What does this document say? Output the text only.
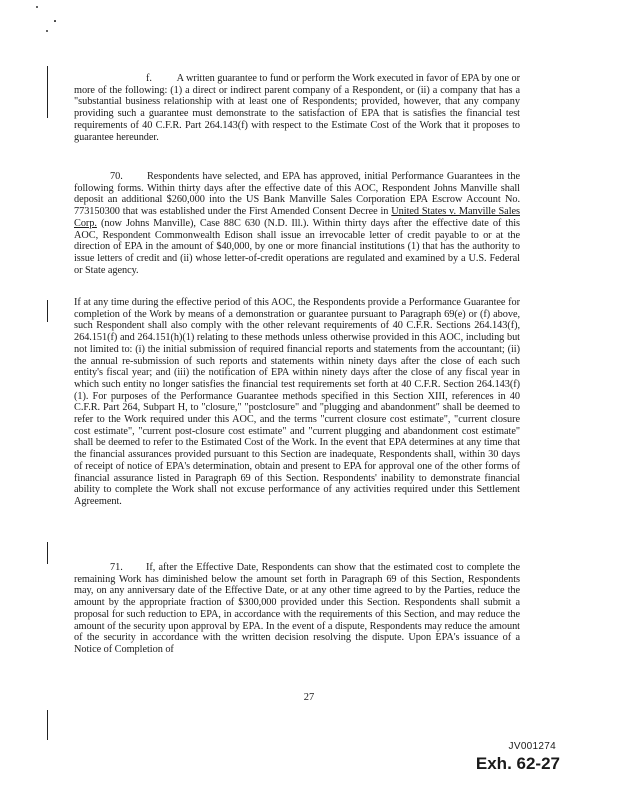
f. A written guarantee to fund or perform the Work executed in favor of EPA by one or more of the following: (1) a direct or indirect parent company of a Respondent, or (ii) a company that has a "substantial business relationship with at least one of Respondents; provided, however, that any company providing such a guarantee must demonstrate to the satisfaction of EPA that is satisfies the financial test requirements of 40 C.F.R. Part 264.143(f) with respect to the Estimate Cost of the Work that it proposes to guarantee hereunder.
70. Respondents have selected, and EPA has approved, initial Performance Guarantees in the following forms. Within thirty days after the effective date of this AOC, Respondent Johns Manville shall deposit an additional $260,000 into the US Bank Manville Sales Corporation EPA Escrow Account No. 773150300 that was established under the First Amended Consent Decree in United States v. Manville Sales Corp. (now Johns Manville), Case 88C 630 (N.D. Ill.). Within thirty days after the effective date of this AOC, Respondent Commonwealth Edison shall issue an irrevocable letter of credit payable to or at the direction of EPA in the amount of $40,000, by one or more financial institutions (1) that has the authority to issue letters of credit and (ii) whose letter-of-credit operations are regulated and examined by a U.S. Federal or State agency.
If at any time during the effective period of this AOC, the Respondents provide a Performance Guarantee for completion of the Work by means of a demonstration or guarantee pursuant to Paragraph 69(e) or (f) above, such Respondent shall also comply with the other relevant requirements of 40 C.F.R. Sections 264.143(f), 264.151(f) and 264.151(h)(1) relating to these methods unless otherwise provided in this AOC, including but not limited to: (i) the initial submission of required financial reports and statements from the accountant; (ii) the annual re-submission of such reports and statements within ninety days after the close of each such entity's fiscal year; and (iii) the notification of EPA within ninety days after the close of any fiscal year in which such entity no longer satisfies the financial test requirements set forth at 40 C.F.R. Section 264.143(f)(1). For purposes of the Performance Guarantee methods specified in this Section XIII, references in 40 C.F.R. Part 264, Subpart H, to "closure," "postclosure" and "plugging and abandonment" shall be deemed to refer to the Work required under this AOC, and the terms "current closure cost estimate", "current closure cost estimate", "current post-closure cost estimate" and "current plugging and abandonment cost estimate" shall be deemed to refer to the Estimated Cost of the Work. In the event that EPA determines at any time that the financial assurances provided pursuant to this Section are inadequate, Respondents shall, within 30 days of receipt of notice of EPA's determination, obtain and present to EPA for approval one of the other forms of financial assurance listed in Paragraph 69 of this Section. Respondents' inability to demonstrate financial ability to complete the Work shall not excuse performance of any activities required under this Settlement Agreement.
71. If, after the Effective Date, Respondents can show that the estimated cost to complete the remaining Work has diminished below the amount set forth in Paragraph 69 of this Section, Respondents may, on any anniversary date of the Effective Date, or at any other time agreed to by the Parties, reduce the amount by the appropriate fraction of $300,000 provided under this Section. Respondents shall submit a proposal for such reduction to EPA, in accordance with the requirements of this Section, and may reduce the amount of the security upon approval by EPA. In the event of a dispute, Respondents may reduce the amount of the security in accordance with the written decision resolving the dispute. Upon EPA's issuance of a Notice of Completion of
27
JV001274
Exh. 62-27
